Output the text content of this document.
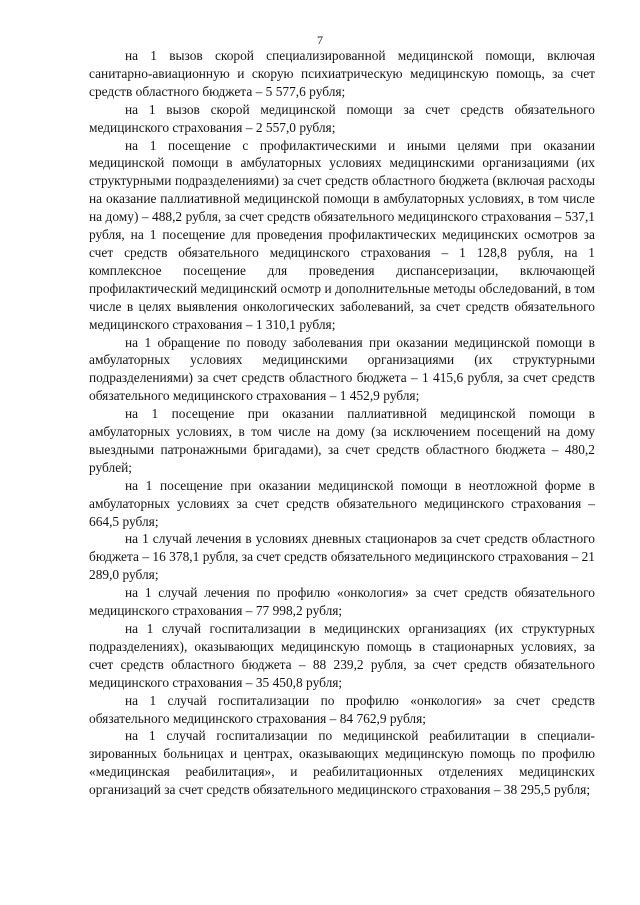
7

на 1 вызов скорой специализированной медицинской помощи, включая санитарно-авиационную и скорую психиатрическую медицинскую помощь, за счет средств областного бюджета – 5 577,6 рубля;

на 1 вызов скорой медицинской помощи за счет средств обязательного медицинского страхования – 2 557,0 рубля;

на 1 посещение с профилактическими и иными целями при оказании медицинской помощи в амбулаторных условиях медицинскими организациями (их структурными подразделениями) за счет средств областного бюджета (включая расходы на оказание паллиативной медицинской помощи в амбулаторных условиях, в том числе на дому) – 488,2 рубля, за счет средств обязательного медицинского страхования – 537,1 рубля, на 1 посещение для проведения профилактических медицинских осмотров за счет средств обязательного медицинского страхования – 1 128,8 рубля, на 1 комплексное посещение для проведения диспансеризации, включающей профилактический медицинский осмотр и дополнительные методы обследований, в том числе в целях выявления онкологических заболеваний, за счет средств обязательного медицинского страхования – 1 310,1 рубля;

на 1 обращение по поводу заболевания при оказании медицинской помощи в амбулаторных условиях медицинскими организациями (их структурными подразделениями) за счет средств областного бюджета – 1 415,6 рубля, за счет средств обязательного медицинского страхования – 1 452,9 рубля;

на 1 посещение при оказании паллиативной медицинской помощи в амбулаторных условиях, в том числе на дому (за исключением посещений на дому выездными патронажными бригадами), за счет средств областного бюджета – 480,2 рублей;

на 1 посещение при оказании медицинской помощи в неотложной форме в амбулаторных условиях за счет средств обязательного медицинского страхования – 664,5 рубля;

на 1 случай лечения в условиях дневных стационаров за счет средств областного бюджета – 16 378,1 рубля, за счет средств обязательного медицинского страхования – 21 289,0 рубля;

на 1 случай лечения по профилю «онкология» за счет средств обязательного медицинского страхования – 77 998,2 рубля;

на 1 случай госпитализации в медицинских организациях (их структурных подразделениях), оказывающих медицинскую помощь в стационарных условиях, за счет средств областного бюджета – 88 239,2 рубля, за счет средств обязательного медицинского страхования – 35 450,8 рубля;

на 1 случай госпитализации по профилю «онкология» за счет средств обязательного медицинского страхования – 84 762,9 рубля;

на 1 случай госпитализации по медицинской реабилитации в специализированных больницах и центрах, оказывающих медицинскую помощь по профилю «медицинская реабилитация», и реабилитационных отделениях медицинских организаций за счет средств обязательного медицинского страхования – 38 295,5 рубля;
